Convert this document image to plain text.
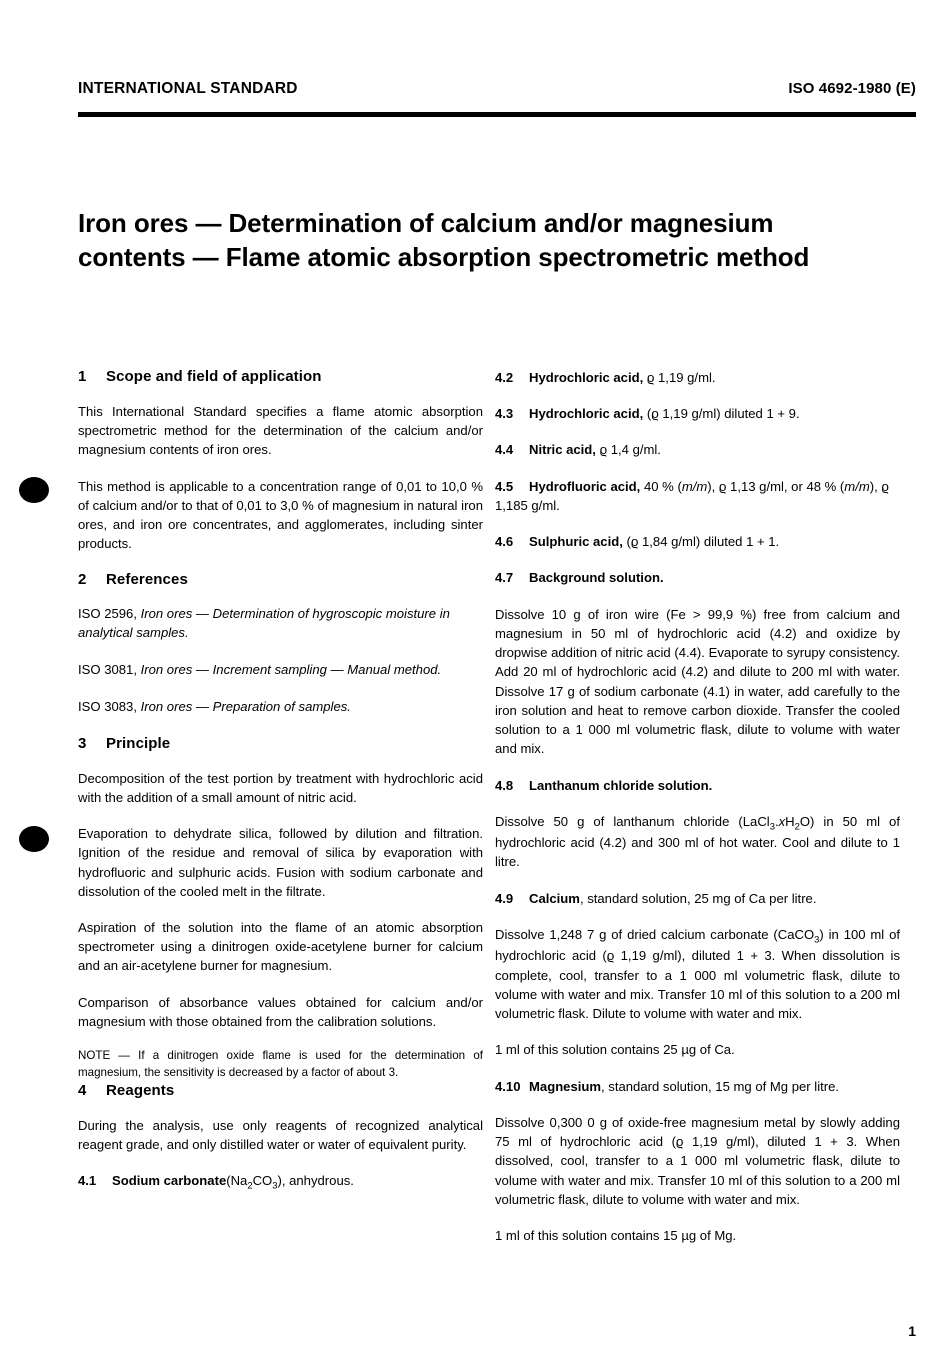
INTERNATIONAL STANDARD	ISO 4692-1980 (E)
Iron ores — Determination of calcium and/or magnesium contents — Flame atomic absorption spectrometric method
1 Scope and field of application

This International Standard specifies a flame atomic absorption spectrometric method for the determination of the calcium and/or magnesium contents of iron ores.

This method is applicable to a concentration range of 0,01 to 10,0 % of calcium and/or to that of 0,01 to 3,0 % of magnesium in natural iron ores, and iron ore concentrates, and agglomerates, including sinter products.

2 References

ISO 2596, Iron ores — Determination of hygroscopic moisture in analytical samples.

ISO 3081, Iron ores — Increment sampling — Manual method.

ISO 3083, Iron ores — Preparation of samples.

3 Principle

Decomposition of the test portion by treatment with hydrochloric acid with the addition of a small amount of nitric acid.

Evaporation to dehydrate silica, followed by dilution and filtration. Ignition of the residue and removal of silica by evaporation with hydrofluoric and sulphuric acids. Fusion with sodium carbonate and dissolution of the cooled melt in the filtrate.

Aspiration of the solution into the flame of an atomic absorption spectrometer using a dinitrogen oxide-acetylene burner for calcium and an air-acetylene burner for magnesium.

Comparison of absorbance values obtained for calcium and/or magnesium with those obtained from the calibration solutions.

NOTE — If a dinitrogen oxide flame is used for the determination of magnesium, the sensitivity is decreased by a factor of about 3.

4 Reagents

During the analysis, use only reagents of recognized analytical reagent grade, and only distilled water or water of equivalent purity.

4.1 Sodium $carbonate(Na_2CO_3)$, anhydrous.

4.2 Hydrochloric acid, ϱ 1,19 g/ml.

4.3 Hydrochloric acid, (ϱ 1,19 g/ml) diluted 1 + 9.

4.4 Nitric acid, ϱ 1,4 g/ml.

4.5 Hydrofluoric acid, 40 % (m/m), ϱ 1,13 g/ml, or 48 % (m/m), ϱ 1,185 g/ml.

4.6 Sulphuric acid, (ϱ 1,84 g/ml) diluted 1 + 1.

4.7 Background solution.

Dissolve 10 g of iron wire (Fe > 99,9 %) free from calcium and magnesium in 50 ml of hydrochloric acid (4.2) and oxidize by dropwise addition of nitric acid (4.4). Evaporate to syrupy consistency. Add 20 ml of hydrochloric acid (4.2) and dilute to 200 ml with water. Dissolve 17 g of sodium carbonate (4.1) in water, add carefully to the iron solution and heat to remove carbon dioxide. Transfer the cooled solution to a 1 000 ml volumetric flask, dilute to volume with water and mix.

4.8 Lanthanum chloride solution.

Dissolve 50 g of lanthanum chloride $(LaCl_3.xH_2O)$ in 50 ml of hydrochloric acid (4.2) and 300 ml of hot water. Cool and dilute to 1 litre.

4.9 Calcium, standard solution, 25 mg of Ca per litre.

Dissolve 1,248 7 g of dried calcium carbonate (CaCO$_3$) in 100 ml of hydrochloric acid (ϱ 1,19 g/ml), diluted 1 + 3. When dissolution is complete, cool, transfer to a 1 000 ml volumetric flask, dilute to volume with water and mix. Transfer 10 ml of this solution to a 200 ml volumetric flask. Dilute to volume with water and mix.

1 ml of this solution contains 25 µg of Ca.

4.10 Magnesium, standard solution, 15 mg of Mg per litre.

Dissolve 0,300 0 g of oxide-free magnesium metal by slowly adding 75 ml of hydrochloric acid (ϱ 1,19 g/ml), diluted 1 + 3. When dissolved, cool, transfer to a 1 000 ml volumetric flask, dilute to volume with water and mix. Transfer 10 ml of this solution to a 200 ml volumetric flask, dilute to volume with water and mix.

1 ml of this solution contains 15 µg of Mg.

1
